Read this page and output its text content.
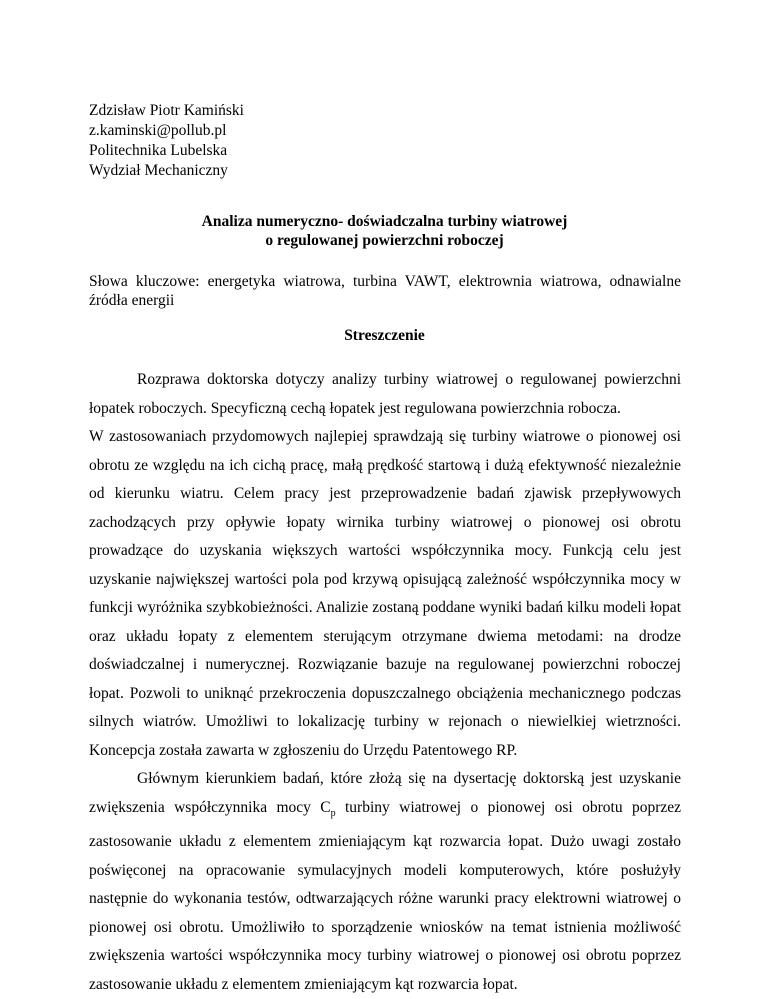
Zdzisław Piotr Kamiński
z.kaminski@pollub.pl
Politechnika Lubelska
Wydział Mechaniczny
Analiza numeryczno- doświadczalna turbiny wiatrowej
o regulowanej powierzchni roboczej
Słowa kluczowe: energetyka wiatrowa, turbina VAWT, elektrownia wiatrowa, odnawialne źródła energii
Streszczenie

Rozprawa doktorska dotyczy analizy turbiny wiatrowej o regulowanej powierzchni łopatek roboczych. Specyficzną cechą łopatek jest regulowana powierzchnia robocza.

W zastosowaniach przydomowych najlepiej sprawdzają się turbiny wiatrowe o pionowej osi obrotu ze względu na ich cichą pracę, małą prędkość startową i dużą efektywność niezależnie od kierunku wiatru. Celem pracy jest przeprowadzenie badań zjawisk przepływowych zachodzących przy opływie łopaty wirnika turbiny wiatrowej o pionowej osi obrotu prowadzące do uzyskania większych wartości współczynnika mocy. Funkcją celu jest uzyskanie największej wartości pola pod krzywą opisującą zależność współczynnika mocy w funkcji wyróżnika szybkobieżności. Analizie zostaną poddane wyniki badań kilku modeli łopat oraz układu łopaty z elementem sterującym otrzymane dwiema metodami: na drodze doświadczalnej i numerycznej. Rozwiązanie bazuje na regulowanej powierzchni roboczej łopat. Pozwoli to uniknąć przekroczenia dopuszczalnego obciążenia mechanicznego podczas silnych wiatrów. Umożliwi to lokalizację turbiny w rejonach o niewielkiej wietrzności. Koncepcja została zawarta w zgłoszeniu do Urzędu Patentowego RP.

Głównym kierunkiem badań, które złożą się na dysertację doktorską jest uzyskanie zwiększenia współczynnika mocy $C_p$ turbiny wiatrowej o pionowej osi obrotu poprzez zastosowanie układu z elementem zmieniającym kąt rozwarcia łopat. Dużo uwagi zostało poświęconej na opracowanie symulacyjnych modeli komputerowych, które posłużyły następnie do wykonania testów, odtwarzających różne warunki pracy elektrowni wiatrowej o pionowej osi obrotu. Umożliwiło to sporządzenie wniosków na temat istnienia możliwość zwiększenia wartości współczynnika mocy turbiny wiatrowej o pionowej osi obrotu poprzez zastosowanie układu z elementem zmieniającym kąt rozwarcia łopat.
